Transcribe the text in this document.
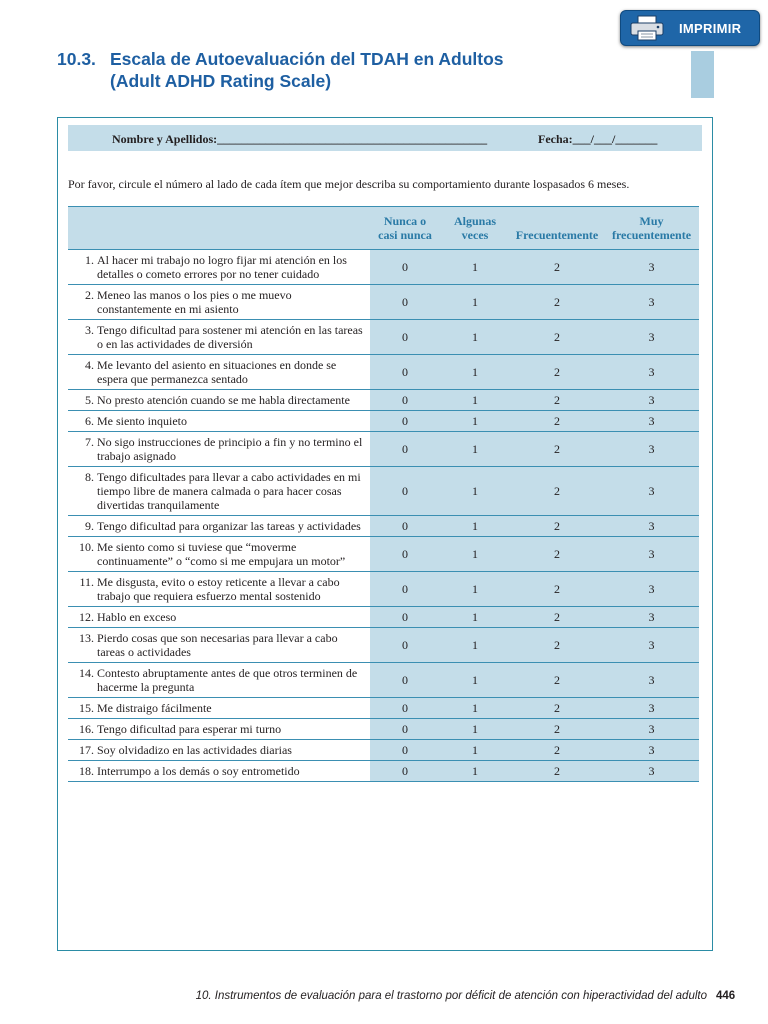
IMPRIMIR
10.3. Escala de Autoevaluación del TDAH en Adultos
(Adult ADHD Rating Scale)
Nombre y Apellidos:_____________________________________________	Fecha:___/___/_______
Por favor, circule el número al lado de cada ítem que mejor describa su comportamiento durante lospasados 6 meses.
	Nunca o
casi nunca	Algunas
veces	Frecuentemente	Muy
frecuentemente

1. Al hacer mi trabajo no logro fijar mi atención en los detalles o cometo errores por no tener cuidado	0	1	2	3

2. Meneo las manos o los pies o me muevo constantemente en mi asiento	0	1	2	3

3. Tengo dificultad para sostener mi atención en las tareas o en las actividades de diversión	0	1	2	3

4. Me levanto del asiento en situaciones en donde se espera que permanezca sentado	0	1	2	3

5. No presto atención cuando se me habla directamente	0	1	2	3

6. Me siento inquieto	0	1	2	3

7. No sigo instrucciones de principio a fin y no termino el trabajo asignado	0	1	2	3

8. Tengo dificultades para llevar a cabo actividades en mi tiempo libre de manera calmada o para hacer cosas divertidas tranquilamente	0	1	2	3

9. Tengo dificultad para organizar las tareas y actividades	0	1	2	3

10. Me siento como si tuviese que “moverme continuamente” o “como si me empujara un motor”	0	1	2	3

11. Me disgusta, evito o estoy reticente a llevar a cabo trabajo que requiera esfuerzo mental sostenido	0	1	2	3

12. Hablo en exceso	0	1	2	3

13. Pierdo cosas que son necesarias para llevar a cabo tareas o actividades	0	1	2	3

14. Contesto abruptamente antes de que otros terminen de hacerme la pregunta	0	1	2	3

15. Me distraigo fácilmente	0	1	2	3

16. Tengo dificultad para esperar mi turno	0	1	2	3

17. Soy olvidadizo en las actividades diarias	0	1	2	3

18. Interrumpo a los demás o soy entrometido	0	1	2	3
10. Instrumentos de evaluación para el trastorno por déficit de atención con hiperactividad del adulto 446
